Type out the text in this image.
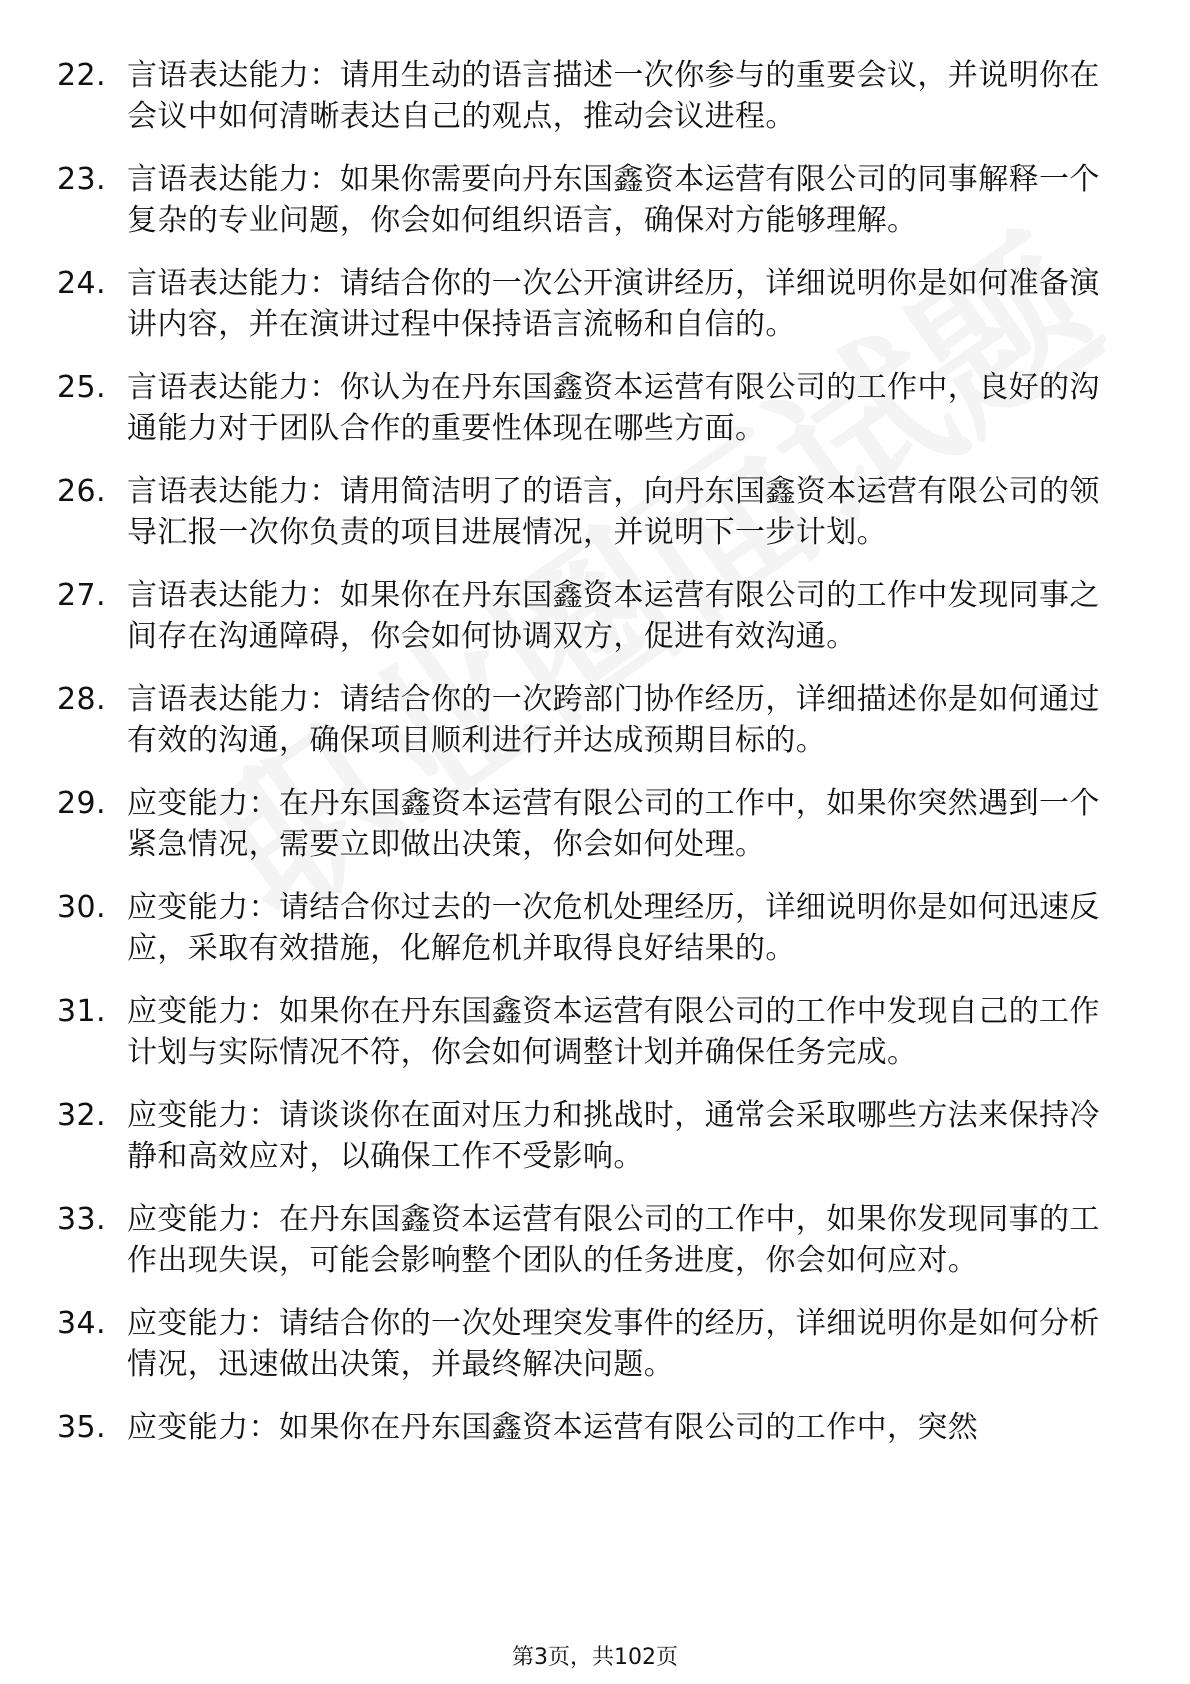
22. 言语表达能力：请用生动的语言描述一次你参与的重要会议，并说明你在会议中如何清晰表达自己的观点，推动会议进程。
23. 言语表达能力：如果你需要向丹东国鑫资本运营有限公司的同事解释一个复杂的专业问题，你会如何组织语言，确保对方能够理解。
24. 言语表达能力：请结合你的一次公开演讲经历，详细说明你是如何准备演讲内容，并在演讲过程中保持语言流畅和自信的。
25. 言语表达能力：你认为在丹东国鑫资本运营有限公司的工作中，良好的沟通能力对于团队合作的重要性体现在哪些方面。
26. 言语表达能力：请用简洁明了的语言，向丹东国鑫资本运营有限公司的领导汇报一次你负责的项目进展情况，并说明下一步计划。
27. 言语表达能力：如果你在丹东国鑫资本运营有限公司的工作中发现同事之间存在沟通障碍，你会如何协调双方，促进有效沟通。
28. 言语表达能力：请结合你的一次跨部门协作经历，详细描述你是如何通过有效的沟通，确保项目顺利进行并达成预期目标的。
29. 应变能力：在丹东国鑫资本运营有限公司的工作中，如果你突然遇到一个紧急情况，需要立即做出决策，你会如何处理。
30. 应变能力：请结合你过去的一次危机处理经历，详细说明你是如何迅速反应，采取有效措施，化解危机并取得良好结果的。
31. 应变能力：如果你在丹东国鑫资本运营有限公司的工作中发现自己的工作计划与实际情况不符，你会如何调整计划并确保任务完成。
32. 应变能力：请谈谈你在面对压力和挑战时，通常会采取哪些方法来保持冷静和高效应对，以确保工作不受影响。
33. 应变能力：在丹东国鑫资本运营有限公司的工作中，如果你发现同事的工作出现失误，可能会影响整个团队的任务进度，你会如何应对。
34. 应变能力：请结合你的一次处理突发事件的经历，详细说明你是如何分析情况，迅速做出决策，并最终解决问题。
35. 应变能力：如果你在丹东国鑫资本运营有限公司的工作中，突然
第3页，共102页
